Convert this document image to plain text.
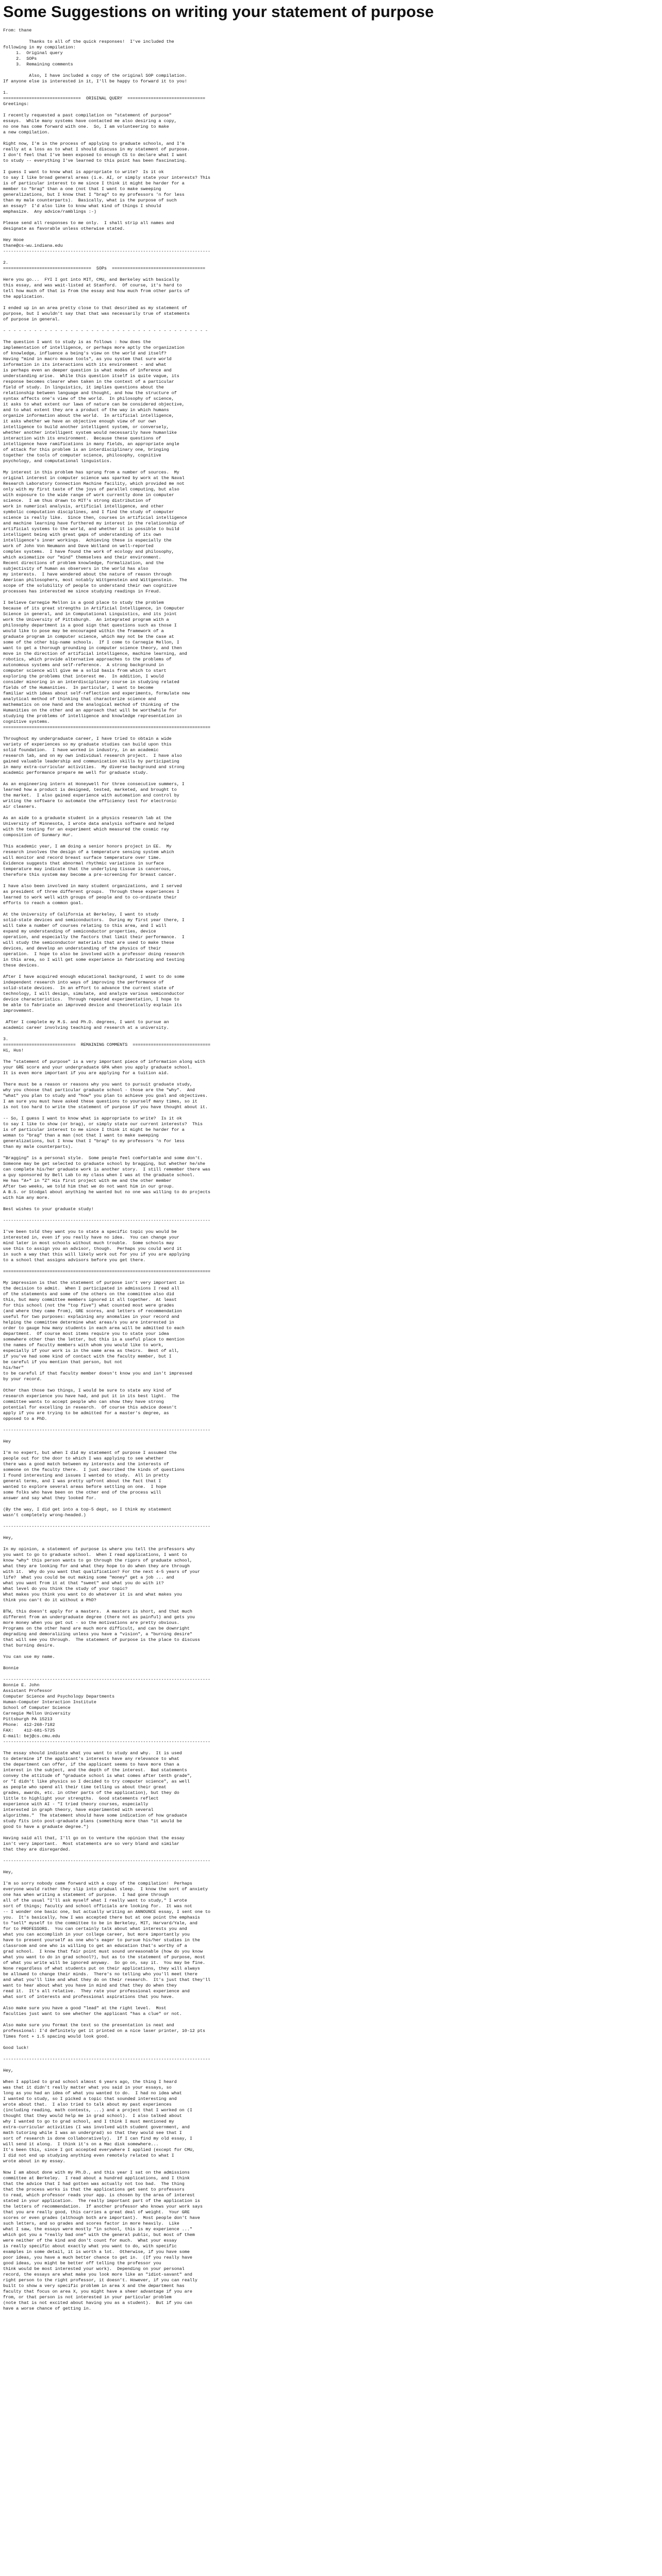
Some Suggestions on writing your statement of purpose
From: thane

Thanks to all of the quick responses!  I've included the
following in my compilation:
1.  Original query
2.  SOPs
3.  Remaining comments

Also, I have included a copy of the original SOP compilation.
If anyone else is interested in it, I'll be happy to forward it to you!

1.
==============================  ORIGINAL QUERY  ==============================
Greetings:

I recently requested a past compilation on "statement of purpose"
essays.  While many systems have contacted me also desiring a copy,
no one has come forward with one.  So, I am volunteering to make
a new compilation.

Right now, I'm in the process of applying to graduate schools, and I'm
really at a loss as to what I should discuss in my statement of purpose.
I don't feel that I've been exposed to enough CS to declare what I want
to study -- everything I've learned to this point has been fascinating.

I guess I want to know what is appropriate to write?  Is it ok
to say I like broad general areas (i.e. AI, or simply state your interests? This
is of particular interest to me since I think it might be harder for a
member to "brag" than a one (not that I want to make sweeping
generalizations, but I know that I "brag" to my professors 'n for less
than my male counterparts).  Basically, what is the purpose of such
an essay?  I'd also like to know what kind of things I should
emphasize.  Any advice/ramblings :-)

Please send all responses to me only.  I shall strip all names and
designate as favorable unless otherwise stated.

Hey Hooe
thane@cs-wu.indiana.edu
--------------------------------------------------------------------------------

2.
==================================  SOPs  ====================================

Here you go...  FYI I got into MIT, CMU, and Berkeley with basically
this essay, and was wait-listed at Stanford.  Of course, it's hard to
tell how much of that is from the essay and how much from other parts of
the application.

I ended up in an area pretty close to that described as my statement of
purpose, but I wouldn't say that that was necessarily true of statements
of purpose in general.

- - - - - - - - - - - - - - - - - - - - - - - - - - - - - - - - - - - - - - - -

The question I want to study is as follows : how does the
implementation of intelligence, or perhaps more aptly the organization
of knowledge, influence a being's view on the world and itself?
Having "mind in macro mouse tools", as you system that sure world
information in its interactions with its environment - and what
is perhaps even an deeper question is what modes of inference and
understanding arise.  While this question itself is quite vague, its
response becomes clearer when taken in the context of a particular
field of study. In linguistics, it implies questions about the
relationship between language and thought, and how the structure of
syntax affects one's view of the world.  In philosophy of science,
it asks to what extent our laws of nature can be considered objective,
and to what extent they are a product of the way in which humans
organize information about the world.  In artificial intelligence,
it asks whether we have an objective enough view of our own
intelligence to build another intelligent system, or conversely,
whether another intelligent system would necessarily have humanlike
interaction with its environment.  Because these questions of
intelligence have ramifications in many fields, an appropriate angle
of attack for this problem is an interdisciplinary one, bringing
together the tools of computer science, philosophy, cognitive
psychology, and computational linguistics.

My interest in this problem has sprung from a number of sources.  My
original interest in computer science was sparked by work at the Naval
Research Laboratory Connection Machine facility, which provided me not
only with my first taste of the joys of parallel computing, but also
with exposure to the wide range of work currently done in computer
science.  I am thus drawn to MIT's strong distribution of
work in numerical analysis, artificial intelligence, and other
symbolic computation disciplines, and I find the study of computer
science is really like.  Since then, courses in artificial intelligence
and machine learning have furthered my interest in the relationship of
artificial systems to the world, and whether it is possible to build
intelligent being with great gaps of understanding of its own
intelligence's inner workings.  Achieving these is especially the
work of John Von Neumann and Dave Wolland on well-reported
complex systems.  I have found the work of ecology and philosophy,
which axiomatize our "mind" themselves and their environment.
Recent directions of problem knowledge, formalization, and the
subjectivity of human as observers in the world has also
my interests.  I have wondered about the nature of reason through
American philosophers, most notably Wittgenstein and Wittgenstein.  The
scope of the solubility of people to understand their own cognitive
processes has interested me since studying readings in Freud.

I believe Carnegie Mellon is a good place to study the problem
because of its great strengths in Artificial Intelligence, in Computer
Science in general, and in Computational Linguistics, and its joint
work the University of Pittsburgh.  An integrated program with a
philosophy department is a good sign that questions such as those I
would like to pose may be encouraged within the framework of a
graduate program in computer science, which may not be the case at
some of the other big-name schools.  If I come to Carnegie Mellon, I
want to get a thorough grounding in computer science theory, and then
move in the direction of artificial intelligence, machine learning, and
robotics, which provide alternative approaches to the problems of
autonomous systems and self-reference.  A strong background in
computer science will give me a solid basis from which to start
exploring the problems that interest me.  In addition, I would
consider minoring in an interdisciplinary course in studying related
fields of the Humanities.  In particular, I want to become
familiar with ideas about self-reflection and experiments, formulate new
analytical method of thinking that characterize science and
mathematics on one hand and the analogical method of thinking of the
Humanities on the other and an approach that will be worthwhile for
studying the problems of intelligence and knowledge representation in
cognitive systems.
================================================================================

Throughout my undergraduate career, I have tried to obtain a wide
variety of experiences so my graduate studies can build upon this
solid foundation.  I have worked in industry, in an academic
research lab, and on my own individual research project.  I have also
gained valuable leadership and communication skills by participating
in many extra-curricular activities.  My diverse background and strong
academic performance prepare me well for graduate study.

As an engineering intern at Honeywell for three consecutive summers, I
learned how a product is designed, tested, marketed, and brought to
the market.  I also gained experience with automation and control by
writing the software to automate the efficiency test for electronic
air cleaners.

As an aide to a graduate student in a physics research lab at the
University of Minnesota, I wrote data analysis software and helped
with the testing for an experiment which measured the cosmic ray
composition of Sunmary Hur.

This academic year, I am doing a senior honors project in EE.  My
research involves the design of a temperature sensing system which
will monitor and record breast surface temperature over time.
Evidence suggests that abnormal rhythmic variations in surface
temperature may indicate that the underlying tissue is cancerous,
therefore this system may become a pre-screening for breast cancer.

I have also been involved in many student organizations, and I served
as president of three different groups.  Through these experiences I
learned to work well with groups of people and to co-ordinate their
efforts to reach a common goal.

At the University of California at Berkeley, I want to study
solid-state devices and semiconductors.  During my first year there, I
will take a number of courses relating to this area, and I will
expand my understanding of semiconductor properties, device
operation, and especially the factors that limit their performance.  I
will study the semiconductor materials that are used to make these
devices, and develop an understanding of the physics of their
operation.  I hope to also be involved with a professor doing research
in this area, so I will get some experience in fabricating and testing
these devices.

After I have acquired enough educational background, I want to do some
independent research into ways of improving the performance of
solid-state devices.  In an effort to advance the current state of
technology, I will design, simulate, and analyze various semiconductor
device characteristics.  Through repeated experimentation, I hope to
be able to fabricate an improved device and theoretically explain its
improvement.

After I complete my M.S. and Ph.D. degrees, I want to pursue an
academic career involving teaching and research at a university.

3.
============================  REMAINING COMMENTS  ==============================
Hi, Hus!

The "statement of purpose" is a very important piece of information along with
your GRE score and your undergraduate GPA when you apply graduate school.
It is even more important if you are applying for a tuition aid.

There must be a reason or reasons why you want to pursuit graduate study,
why you choose that particular graduate school - those are the "why".  And
"what" you plan to study and "how" you plan to achieve you goal and objectives.
I am sure you must have asked these questions to yourself many times, so it
is not too hard to write the statement of purpose if you have thought about it.

-- So, I guess I want to know what is appropriate to write?  Is it ok
to say I like to show (or brag), or simply state our current interests?  This
is of particular interest to me since I think it might be harder for a
woman to "brag" than a man (not that I want to make sweeping
generalizations, but I know that I "brag" to my professors 'n for less
than my male counterparts).

"Bragging" is a personal style.  Some people feel comfortable and some don't.
Someone may be get selected to graduate school by bragging, but whether he/she
can complete his/her graduate work is another story.  I still remember there was
a guy sponsored by Bell Lab to my class when I was at the graduate school.
He has "A+" in "Z" His first project with me and the other member
After two weeks, we told him that we do not want him in our group.
A B.S. or Stodgal about anything he wanted but no one was willing to do projects
with him any more.

Best wishes to your graduate study!

--------------------------------------------------------------------------------

I've been told they want you to state a specific topic you would be
interested in, even if you really have no idea.  You can change your
mind later in most schools without much trouble.  Some schools may
use this to assign you an advisor, though.  Perhaps you could word it
in such a way that this will likely work out for you if you are applying
to a school that assigns advisors before you get there.

================================================================================

My impression is that the statement of purpose isn't very important in
the decision to admit.  When I participated in admissions I read all
of the statements and some of the others on the committee also did
this, but many committee members ignored it all together.  At least
for this school (not the "top five") what counted most were grades
(and where they came from), GRE scores, and letters of recommendation
useful for two purposes: explaining any anomalies in your record and
helping the committee determine what areas/s you are interested in
order to gauge how many students in each area will be admitted to each
department.  Of course most items require you to state your idea
somewhere other than the letter, but this is a useful place to mention
the names of faculty members with whom you would like to work,
especially if your work is in the same area as theirs.  Best of all,
if you've had some kind of contact with the faculty member, but I
be careful if you mention that person, but not
his/her"
to be careful if that faculty member doesn't know you and isn't impressed
by your record.

Other than those two things, I would be sure to state any kind of
research experience you have had, and put it in its best light.  The
committee wants to accept people who can show they have strong
potential for excelling in research.  Of course this advice doesn't
apply if you are trying to be admitted for a master's degree, as
opposed to a PhD.

--------------------------------------------------------------------------------

Hey

I'm no expert, but when I did my statement of purpose I assumed the
people out for the door to which I was applying to see whether
there was a good match between my interests and the interests of
someone on the faculty there.  I just described the kinds of questions
I found interesting and issues I wanted to study.  All in pretty
general terms, and I was pretty upfront about the fact that I
wanted to explore several areas before settling on one.  I hope
some folks who have been on the other end of the process will
answer and say what they looked for.

(By the way, I did get into a top-5 dept, so I think my statement
wasn't completely wrong-headed.)

--------------------------------------------------------------------------------

Hey,

In my opinion, a statement of purpose is where you tell the professors why
you want to go to graduate school.  When I read applications, I want to
know *why* this person wants to go through the rigors of graduate school,
what they are looking for and what they hope to do when they are through
with it.  Why do you want that qualification? For the next 4-5 years of your
life?  What you could be out making some "money" get a job ... and
what you want from it at that "sweet" and what you do with it?
What level do you think the study of your topic?
What makes you think you want to do whatever it is and what makes you
think you can't do it without a PhD?

BTW, this doesn't apply for a masters.  A masters is short, and that much
different from an undergraduate degree (there not as painful) and gets you
more money when you get out - so the motivations are pretty obvious.
Programs on the other hand are much more difficult, and can be downright
degrading and demoralizing unless you have a "vision", a "burning desire"
that will see you through.  The statement of purpose is the place to discuss
that burning desire.

You can use my name.

Bonnie

--------------------------------------------------------------------------------
Bonnie E. John
Assistant Professor
Computer Science and Psychology Departments
Human-Computer Interaction Institute
School of Computer Science
Carnegie Mellon University
Pittsburgh PA 15213
Phone:  412-268-7182
FAX:    412-681-5725
E-mail: bej@cs.cmu.edu
--------------------------------------------------------------------------------

The essay should indicate what you want to study and why.  It is used
to determine if the applicant's interests have any relevance to what
the department can offer, if the applicant seems to have more than a
interest in the subject, and the depth of the interest.  Bad statements
convey the attitude of "graduate school is what comes after tenth grade",
or "I didn't like physics so I decided to try computer science", as well
as people who spend all their time telling us about their great
grades, awards, etc. in other parts of the application), but they do
little to highlight your strengths.  Good statements reflect
experience with AI - "I tried theory courses, especially
interested in graph theory, have experimented with several
algorithms."  The statement should have some indication of how graduate
study fits into post-graduate plans (something more than "it would be
good to have a graduate degree.")

Having said all that, I'll go on to venture the opinion that the essay
isn't very important.  Most statements are so very bland and similar
that they are disregarded.

--------------------------------------------------------------------------------

Hey,

I'm so sorry nobody came forward with a copy of the compilation!  Perhaps
everyone would rather they slip into gradual sleep.  I know the sort of anxiety
one has when writing a statement of purpose.  I had gone through
all of the usual "I'll ask myself what I really want to study," I wrote
sort of things; faculty and school officials are looking for.  It was not
-- I wonder one basic one, but actually writing an ANNOUNCE essay, I sent one to
you.  It's basically, how I was accepted there but at one point the emphasis
to "sell" myself to the committee to be in Berkeley, MIT, Harvard/Yale, and
for to PROFESSORS.  You can certainly talk about what interests you and
what you can accomplish in your college career, but more importantly you
have to present yourself as one who's eager to pursue his/her studies in the
classroom and one who is willing to get an education that's worthy of a
grad school.  I know that fair point must sound unreasonable (how do you know
what you want to do in grad school?), but as to the statement of purpose, most
of what you write will be ignored anyway.  So go on, say it.  You may be fine.
None regardless of what students put on their applications, they will always
be allowed to change their minds.  There's no telling who you'll meet there
and what you'll like and what they do on their research.  It's just that they'll
want to hear about what you have in mind and that they do when they
read it.  It's all relative.  They rate your professional experience and
what sort of interests and professional aspirations that you have.

Also make sure you have a good "lead" at the right level.  Most
faculties just want to see whether the applicant "has a clue" or not.

Also make sure you format the text so the presentation is neat and
professional: I'd definitely get it printed on a nice laser printer, 10-12 pts
Times font + 1.5 spacing would look good.

Good luck!

--------------------------------------------------------------------------------

Hey,

When I applied to grad school almost 6 years ago, the thing I heard
was that it didn't really matter what you said in your essays, so
long as you had an idea of what you wanted to do.  I had no idea what
I wanted to study, so I picked a topic that sounded interesting and
wrote about that.  I also tried to talk about my past experiences
(including reading, math contests, ...) and a project that I worked on (I
thought that they would help me in grad school).  I also talked about
why I wanted to go to grad school, and I think I must mentioned my
extra-curricular activities (I was involved with student government, and
math tutoring while I was an undergrad) so that they would see that I
sort of research is done collaboratively).  If I can find my old essay, I
will send it along.  I think it's on a Mac disk somewhere...
It's been this, since I got accepted everywhere I applied (except for CMU,
I did not end up studying anything even remotely related to what I
wrote about in my essay.

Now I am about done with my Ph.D., and this year I sat on the admissions
committee at Berkeley.  I read about a hundred applications, and I think
that the advice that I had gotten was actually not too bad.  The thing
that the process works is that the applications get sent to professors
to read, which professor reads your app. is chosen by the area of interest
stated in your application.  The really important part of the application is
the letters of recommendation.  If another professor who knows your work says
that you are really good, this carries a great deal of weight.  Your GRE
scores or even grades (although both are important).  Most people don't have
such letters, and so grades and scores factor in more heavily.  Like
what I saw, the essays were mostly "in school, this is my experience ..."
which got you a "really bad one" with the general public, but most of them
were neither of the kind and don't count for much.  What your essay
is really specific about exactly what you want to do, with specific
examples in some detail, it is worth a lot.  Otherwise, if you have some
poor ideas, you have a much better chance to get in.  (If you really have
good ideas, you might be better off telling the professor you
think would be most interested your work).  Depending on your personal
record, the essays are what make you look more like an "idiot-savant" and
right person to the right professor, it doesn't. However, if you can really
built to show a very specific problem in area X and the department has
faculty that focus on area X, you might have a sheer advantage if you are
from, or that person is not interested in your particular problem
(note that is not excited about having you as a student).  But if you can
have a worse chance of getting in.
